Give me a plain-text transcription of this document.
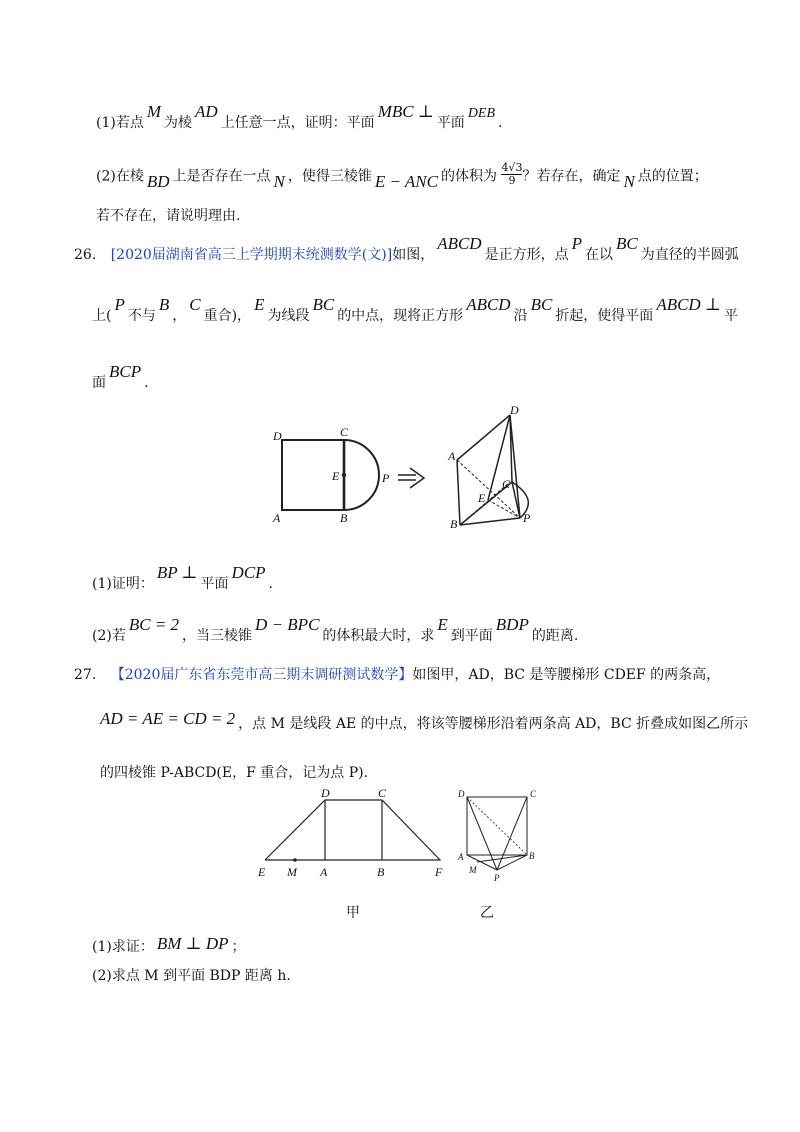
(1)若点M为棱AD上任意一点，证明：平面MBC ⊥平面DEB.
(2)在棱 BD 上是否存在一点 N ，使得三棱锥 E − ANC 的体积为 $\frac{4√3}{9}$ ？若存在，确定 N 点的位置；
若不存在，请说明理由.
26. [2020届湖南省高三上学期期末统测数学(文)]如图，ABCD是正方形，点P在以BC为直径的半圆弧
上(P不与B，C重合)，E为线段BC的中点，现将正方形ABCD沿BC折起，使得平面ABCD ⊥平
面BCP.
D	C
E	P
A	B
D
A
C
E
B	P
(1)证明：BP ⊥平面DCP.
(2)若BC = 2，当三棱锥D − BPC的体积最大时，求E到平面BDP的距离.
27. 【2020届广东省东莞市高三期末调研测试数学】如图甲，AD，BC 是等腰梯形 CDEF 的两条高，
AD = AE = CD = 2 ，点 M 是线段 AE 的中点，将该等腰梯形沿着两条高 AD，BC 折叠成如图乙所示
的四棱锥 P-ABCD(E，F 重合，记为点 P).
D	C
E M A	B	F
D	C
A	B
M
P
甲	乙
(1)求证： BM ⊥ DP ；
(2)求点 M 到平面 BDP 距离 h.
